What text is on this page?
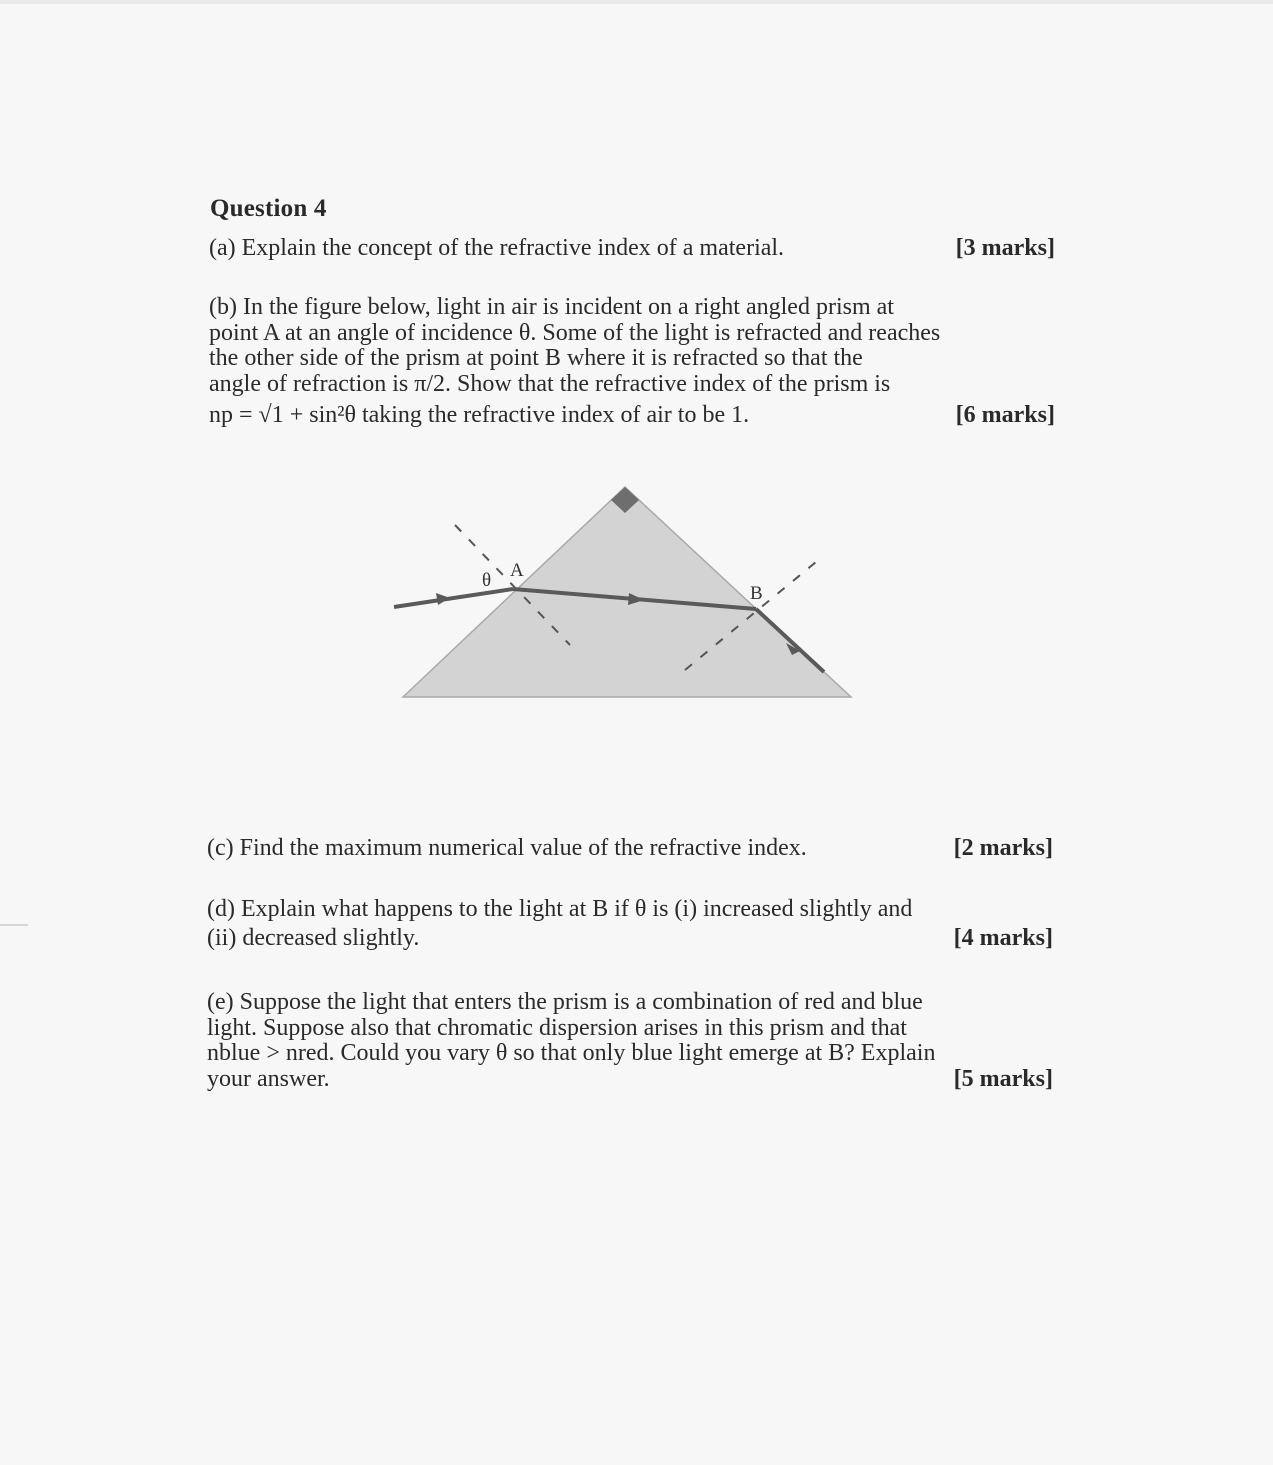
Question 4
(a) Explain the concept of the refractive index of a material.	[3 marks]
(b) In the figure below, light in air is incident on a right angled prism at
point A at an angle of incidence θ. Some of the light is refracted and reaches
the other side of the prism at point B where it is refracted so that the
angle of refraction is π/2. Show that the refractive index of the prism is
np = √1 + sin²θ taking the refractive index of air to be 1.	[6 marks]
θ A
B
(c) Find the maximum numerical value of the refractive index.	[2 marks]
(d) Explain what happens to the light at B if θ is (i) increased slightly and
(ii) decreased slightly.	[4 marks]
(e) Suppose the light that enters the prism is a combination of red and blue
light. Suppose also that chromatic dispersion arises in this prism and that
nblue > nred. Could you vary θ so that only blue light emerge at B? Explain
your answer.	[5 marks]
